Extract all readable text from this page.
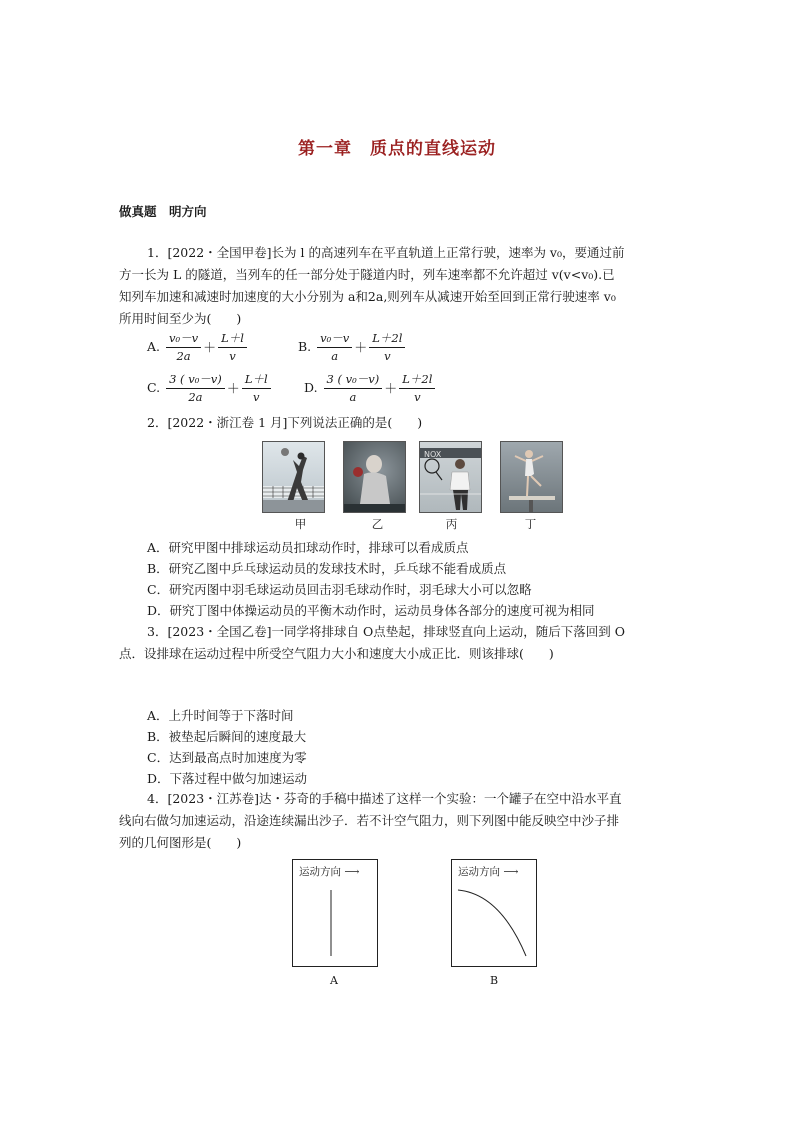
第一章　质点的直线运动
做真题　明方向
1．[2022・全国甲卷]长为 l 的高速列车在平直轨道上正常行驶，速率为 v₀，要通过前
方一长为 L 的隧道，当列车的任一部分处于隧道内时，列车速率都不允许超过 v(v<v₀).已
知列车加速和减速时加速度的大小分别为 a和2a,则列车从减速开始至回到正常行驶速率 v₀
所用时间至少为(　　)
A. $\frac{\text{v₀－v}}{2a} + \frac{L+l}{v}$	B. $\frac{\text{v₀－v}}{a} + \frac{L+2l}{v}$
C. $\frac{\text{3 ( v₀－v)}}{2a} + \frac{L+l}{v}$	D. $\frac{\text{3 ( v₀－v)}}{a} + \frac{L+2l}{v}$
2．[2022・浙江卷 1 月]下列说法正确的是(　　)
NOX
甲	乙	丙	丁
A．研究甲图中排球运动员扣球动作时，排球可以看成质点
B．研究乙图中乒乓球运动员的发球技术时，乒乓球不能看成质点
C．研究丙图中羽毛球运动员回击羽毛球动作时，羽毛球大小可以忽略
D．研究丁图中体操运动员的平衡木动作时，运动员身体各部分的速度可视为相同
3．[2023・全国乙卷]一同学将排球自 O点垫起，排球竖直向上运动，随后下落回到 O
点．设排球在运动过程中所受空气阻力大小和速度大小成正比．则该排球(　　)
A．上升时间等于下落时间
B．被垫起后瞬间的速度最大
C．达到最高点时加速度为零
D．下落过程中做匀加速运动
4．[2023・江苏卷]达・芬奇的手稿中描述了这样一个实验：一个罐子在空中沿水平直
线向右做匀加速运动，沿途连续漏出沙子．若不计空气阻力，则下列图中能反映空中沙子排
列的几何图形是(　　)
运动方向 ⟶
A
运动方向 ⟶
B
